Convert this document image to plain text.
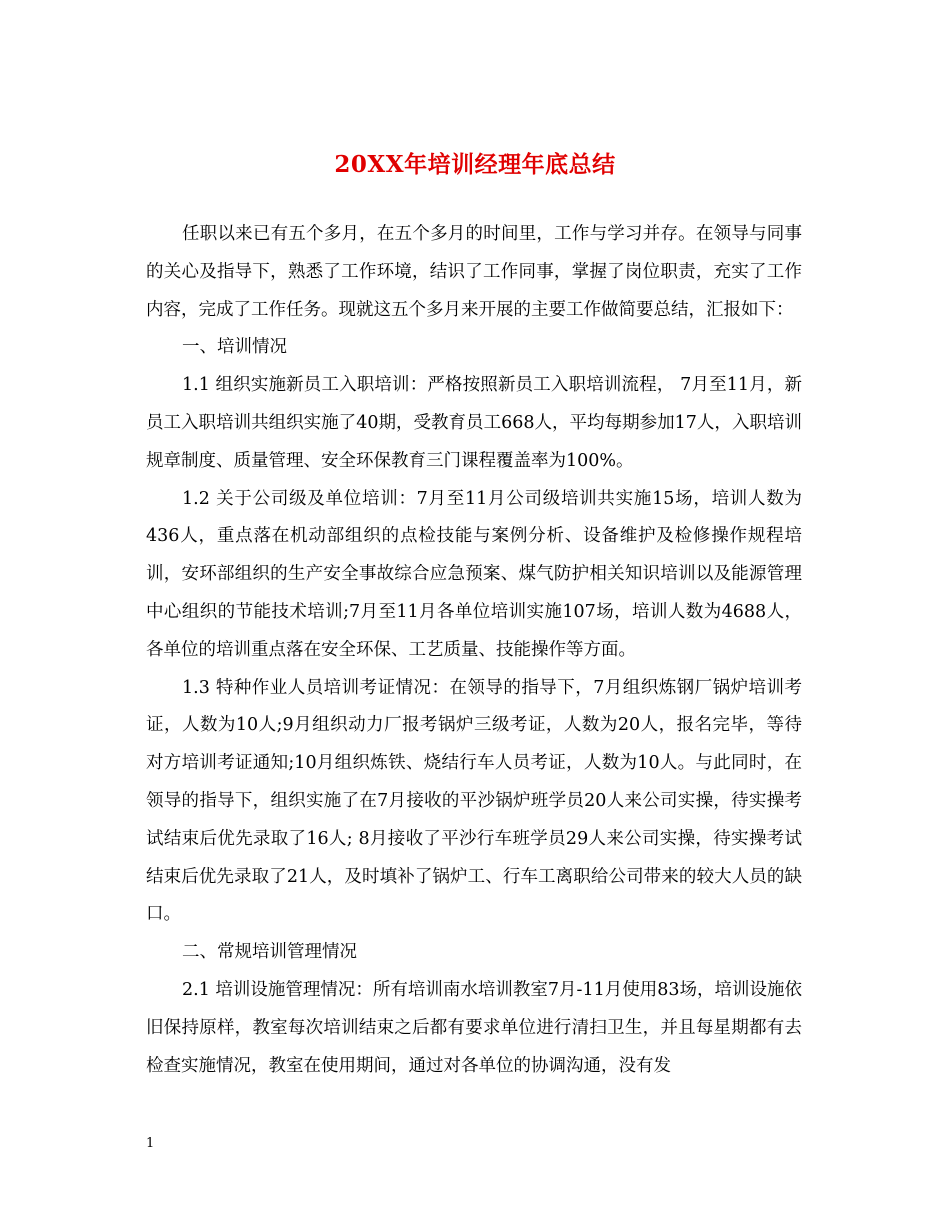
20XX年培训经理年底总结

任职以来已有五个多月，在五个多月的时间里，工作与学习并存。在领导与同事的关心及指导下，熟悉了工作环境，结识了工作同事，掌握了岗位职责，充实了工作内容，完成了工作任务。现就这五个多月来开展的主要工作做简要总结，汇报如下：

一、培训情况

1.1 组织实施新员工入职培训：严格按照新员工入职培训流程， 7月至11月，新员工入职培训共组织实施了40期，受教育员工668人，平均每期参加17人，入职培训规章制度、质量管理、安全环保教育三门课程覆盖率为100%。

1.2 关于公司级及单位培训：7月至11月公司级培训共实施15场，培训人数为436人，重点落在机动部组织的点检技能与案例分析、设备维护及检修操作规程培训，安环部组织的生产安全事故综合应急预案、煤气防护相关知识培训以及能源管理中心组织的节能技术培训;7月至11月各单位培训实施107场，培训人数为4688人，各单位的培训重点落在安全环保、工艺质量、技能操作等方面。

1.3 特种作业人员培训考证情况：在领导的指导下，7月组织炼钢厂锅炉培训考证，人数为10人;9月组织动力厂报考锅炉三级考证，人数为20人，报名完毕，等待对方培训考证通知;10月组织炼铁、烧结行车人员考证，人数为10人。与此同时，在领导的指导下，组织实施了在7月接收的平沙锅炉班学员20人来公司实操，待实操考试结束后优先录取了16人; 8月接收了平沙行车班学员29人来公司实操，待实操考试结束后优先录取了21人，及时填补了锅炉工、行车工离职给公司带来的较大人员的缺口。

二、常规培训管理情况

2.1 培训设施管理情况：所有培训南水培训教室7月-11月使用83场，培训设施依旧保持原样，教室每次培训结束之后都有要求单位进行清扫卫生，并且每星期都有去检查实施情况，教室在使用期间，通过对各单位的协调沟通，没有发

1
